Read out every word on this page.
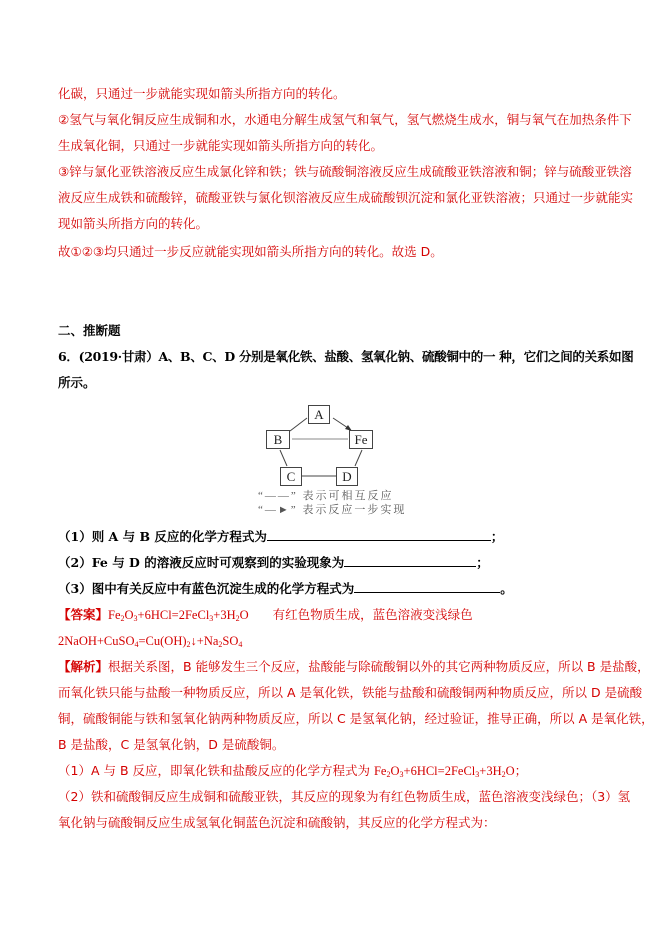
化碳，只通过一步就能实现如箭头所指方向的转化。
②氢气与氧化铜反应生成铜和水，水通电分解生成氢气和氧气，氢气燃烧生成水，铜与氧气在加热条件下
生成氧化铜，只通过一步就能实现如箭头所指方向的转化。
③锌与氯化亚铁溶液反应生成氯化锌和铁；铁与硫酸铜溶液反应生成硫酸亚铁溶液和铜；锌与硫酸亚铁溶
液反应生成铁和硫酸锌，硫酸亚铁与氯化钡溶液反应生成硫酸钡沉淀和氯化亚铁溶液；只通过一步就能实
现如箭头所指方向的转化。
故①②③均只通过一步反应就能实现如箭头所指方向的转化。故选 D。
二、推断题
6．(2019·甘肃）A、B、C、D 分别是氧化铁、盐酸、氢氧化钠、硫酸铜中的一 种，它们之间的关系如图
所示。
A
B	Fe
C	D
“——” 表示可相互反应
“—►” 表示反应一步实现
（1）则 A 与 B 反应的化学方程式为	；
（2）Fe 与 D 的溶液反应时可观察到的实验现象为	；
（3）图中有关反应中有蓝色沉淀生成的化学方程式为	。
【答案】$Fe_2O_3+6HCl=2FeCl_3+3H_2O$ 有红色物质生成，蓝色溶液变浅绿色
$2NaOH+CuSO_4=Cu(OH)_2↓+Na_2SO_4$
【解析】根据关系图，B 能够发生三个反应，盐酸能与除硫酸铜以外的其它两种物质反应，所以 B 是盐酸，
而氧化铁只能与盐酸一种物质反应，所以 A 是氧化铁，铁能与盐酸和硫酸铜两种物质反应，所以 D 是硫酸
铜，硫酸铜能与铁和氢氧化钠两种物质反应，所以 C 是氢氧化钠，经过验证，推导正确，所以 A 是氧化铁，
B 是盐酸，C 是氢氧化钠，D 是硫酸铜。
（1）A 与 B 反应，即氧化铁和盐酸反应的化学方程式为 $Fe_2O_3+6HCl=2FeCl_3+3H_2O$；
（2）铁和硫酸铜反应生成铜和硫酸亚铁，其反应的现象为有红色物质生成，蓝色溶液变浅绿色；（3）氢
氧化钠与硫酸铜反应生成氢氧化铜蓝色沉淀和硫酸钠，其反应的化学方程式为：
